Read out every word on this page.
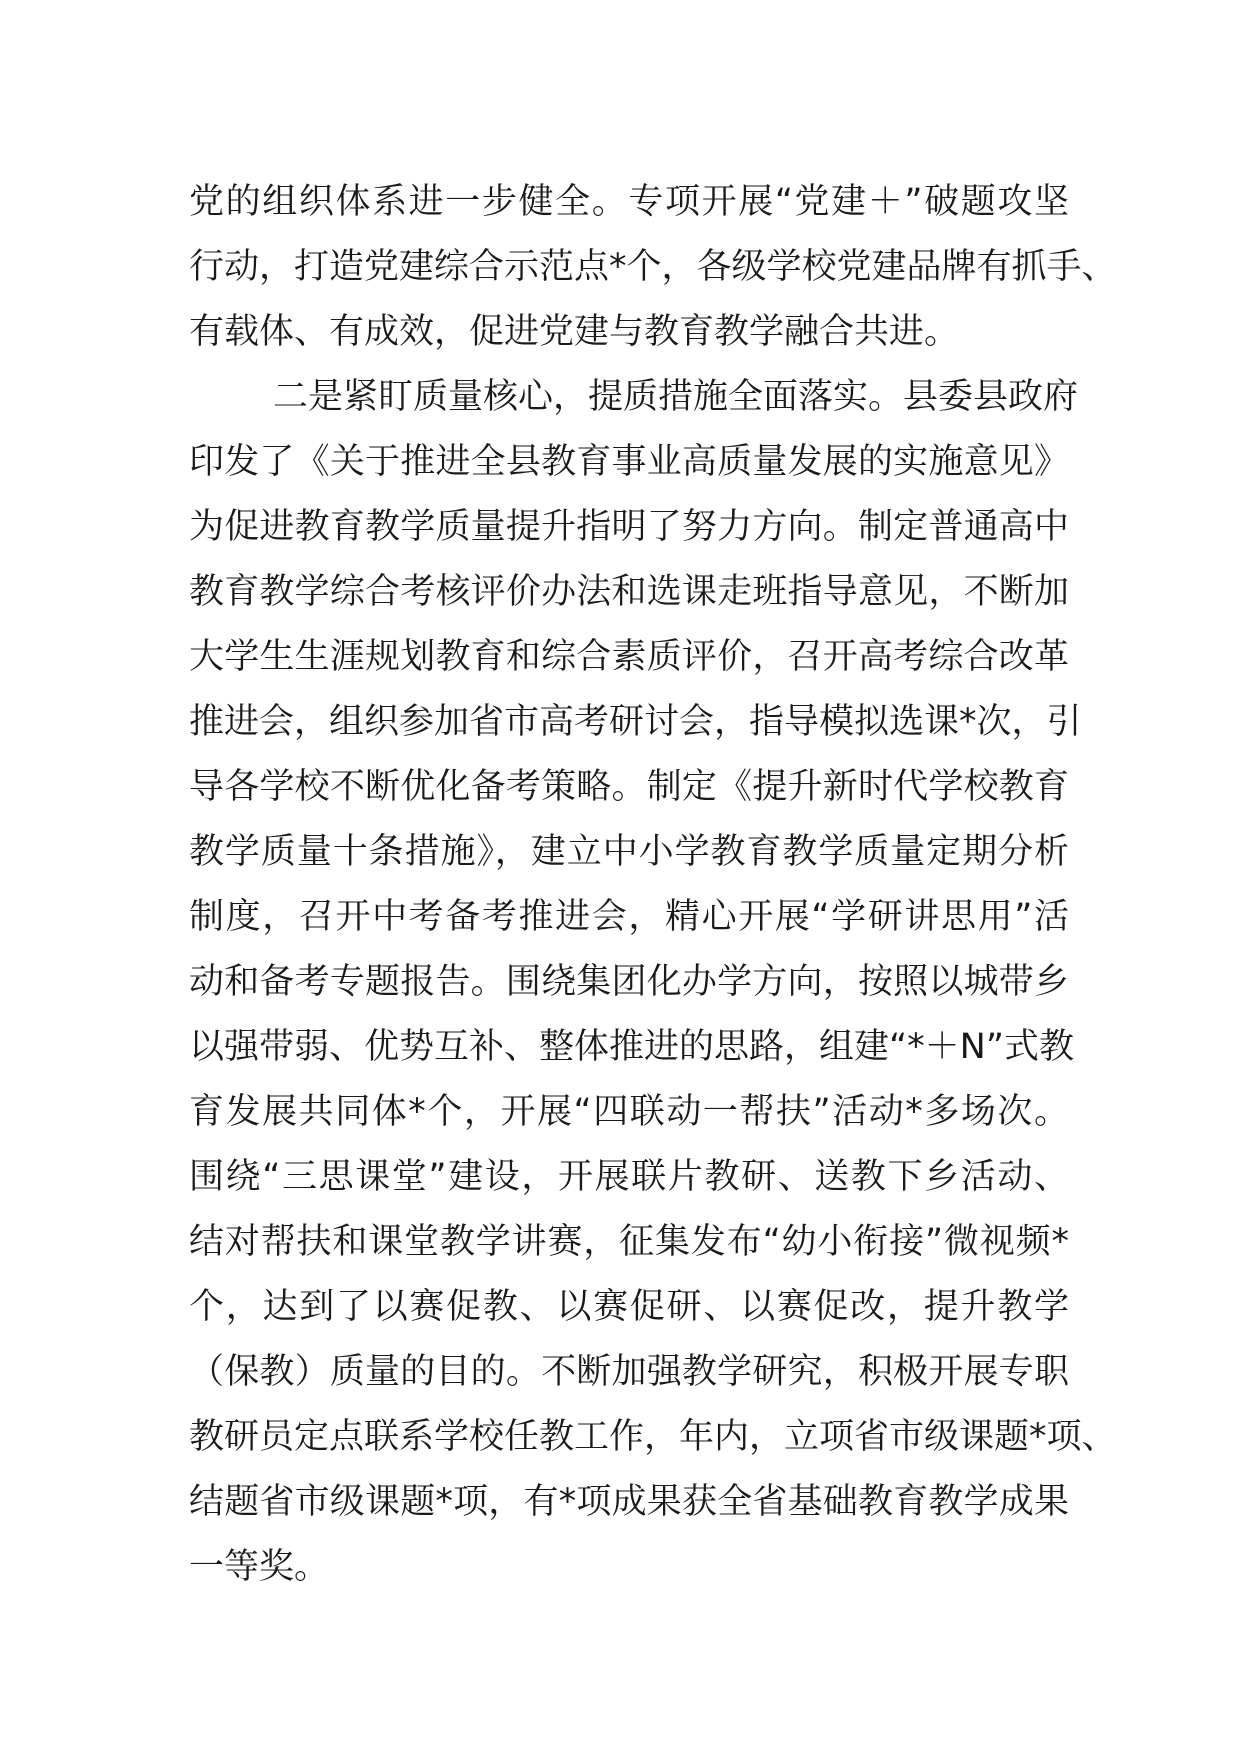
党的组织体系进一步健全。专项开展“党建＋”破题攻坚
行动，打造党建综合示范点*个，各级学校党建品牌有抓手、
有载体、有成效，促进党建与教育教学融合共进。
二是紧盯质量核心，提质措施全面落实。县委县政府
印发了《关于推进全县教育事业高质量发展的实施意见》
为促进教育教学质量提升指明了努力方向。制定普通高中
教育教学综合考核评价办法和选课走班指导意见，不断加
大学生生涯规划教育和综合素质评价，召开高考综合改革
推进会，组织参加省市高考研讨会，指导模拟选课*次，引
导各学校不断优化备考策略。制定《提升新时代学校教育
教学质量十条措施》，建立中小学教育教学质量定期分析
制度，召开中考备考推进会，精心开展“学研讲思用”活
动和备考专题报告。围绕集团化办学方向，按照以城带乡
以强带弱、优势互补、整体推进的思路，组建“*＋N”式教
育发展共同体*个，开展“四联动一帮扶”活动*多场次。
围绕“三思课堂”建设，开展联片教研、送教下乡活动、
结对帮扶和课堂教学讲赛，征集发布“幼小衔接”微视频*
个，达到了以赛促教、以赛促研、以赛促改，提升教学
（保教）质量的目的。不断加强教学研究，积极开展专职
教研员定点联系学校任教工作，年内，立项省市级课题*项、
结题省市级课题*项，有*项成果获全省基础教育教学成果
一等奖。
